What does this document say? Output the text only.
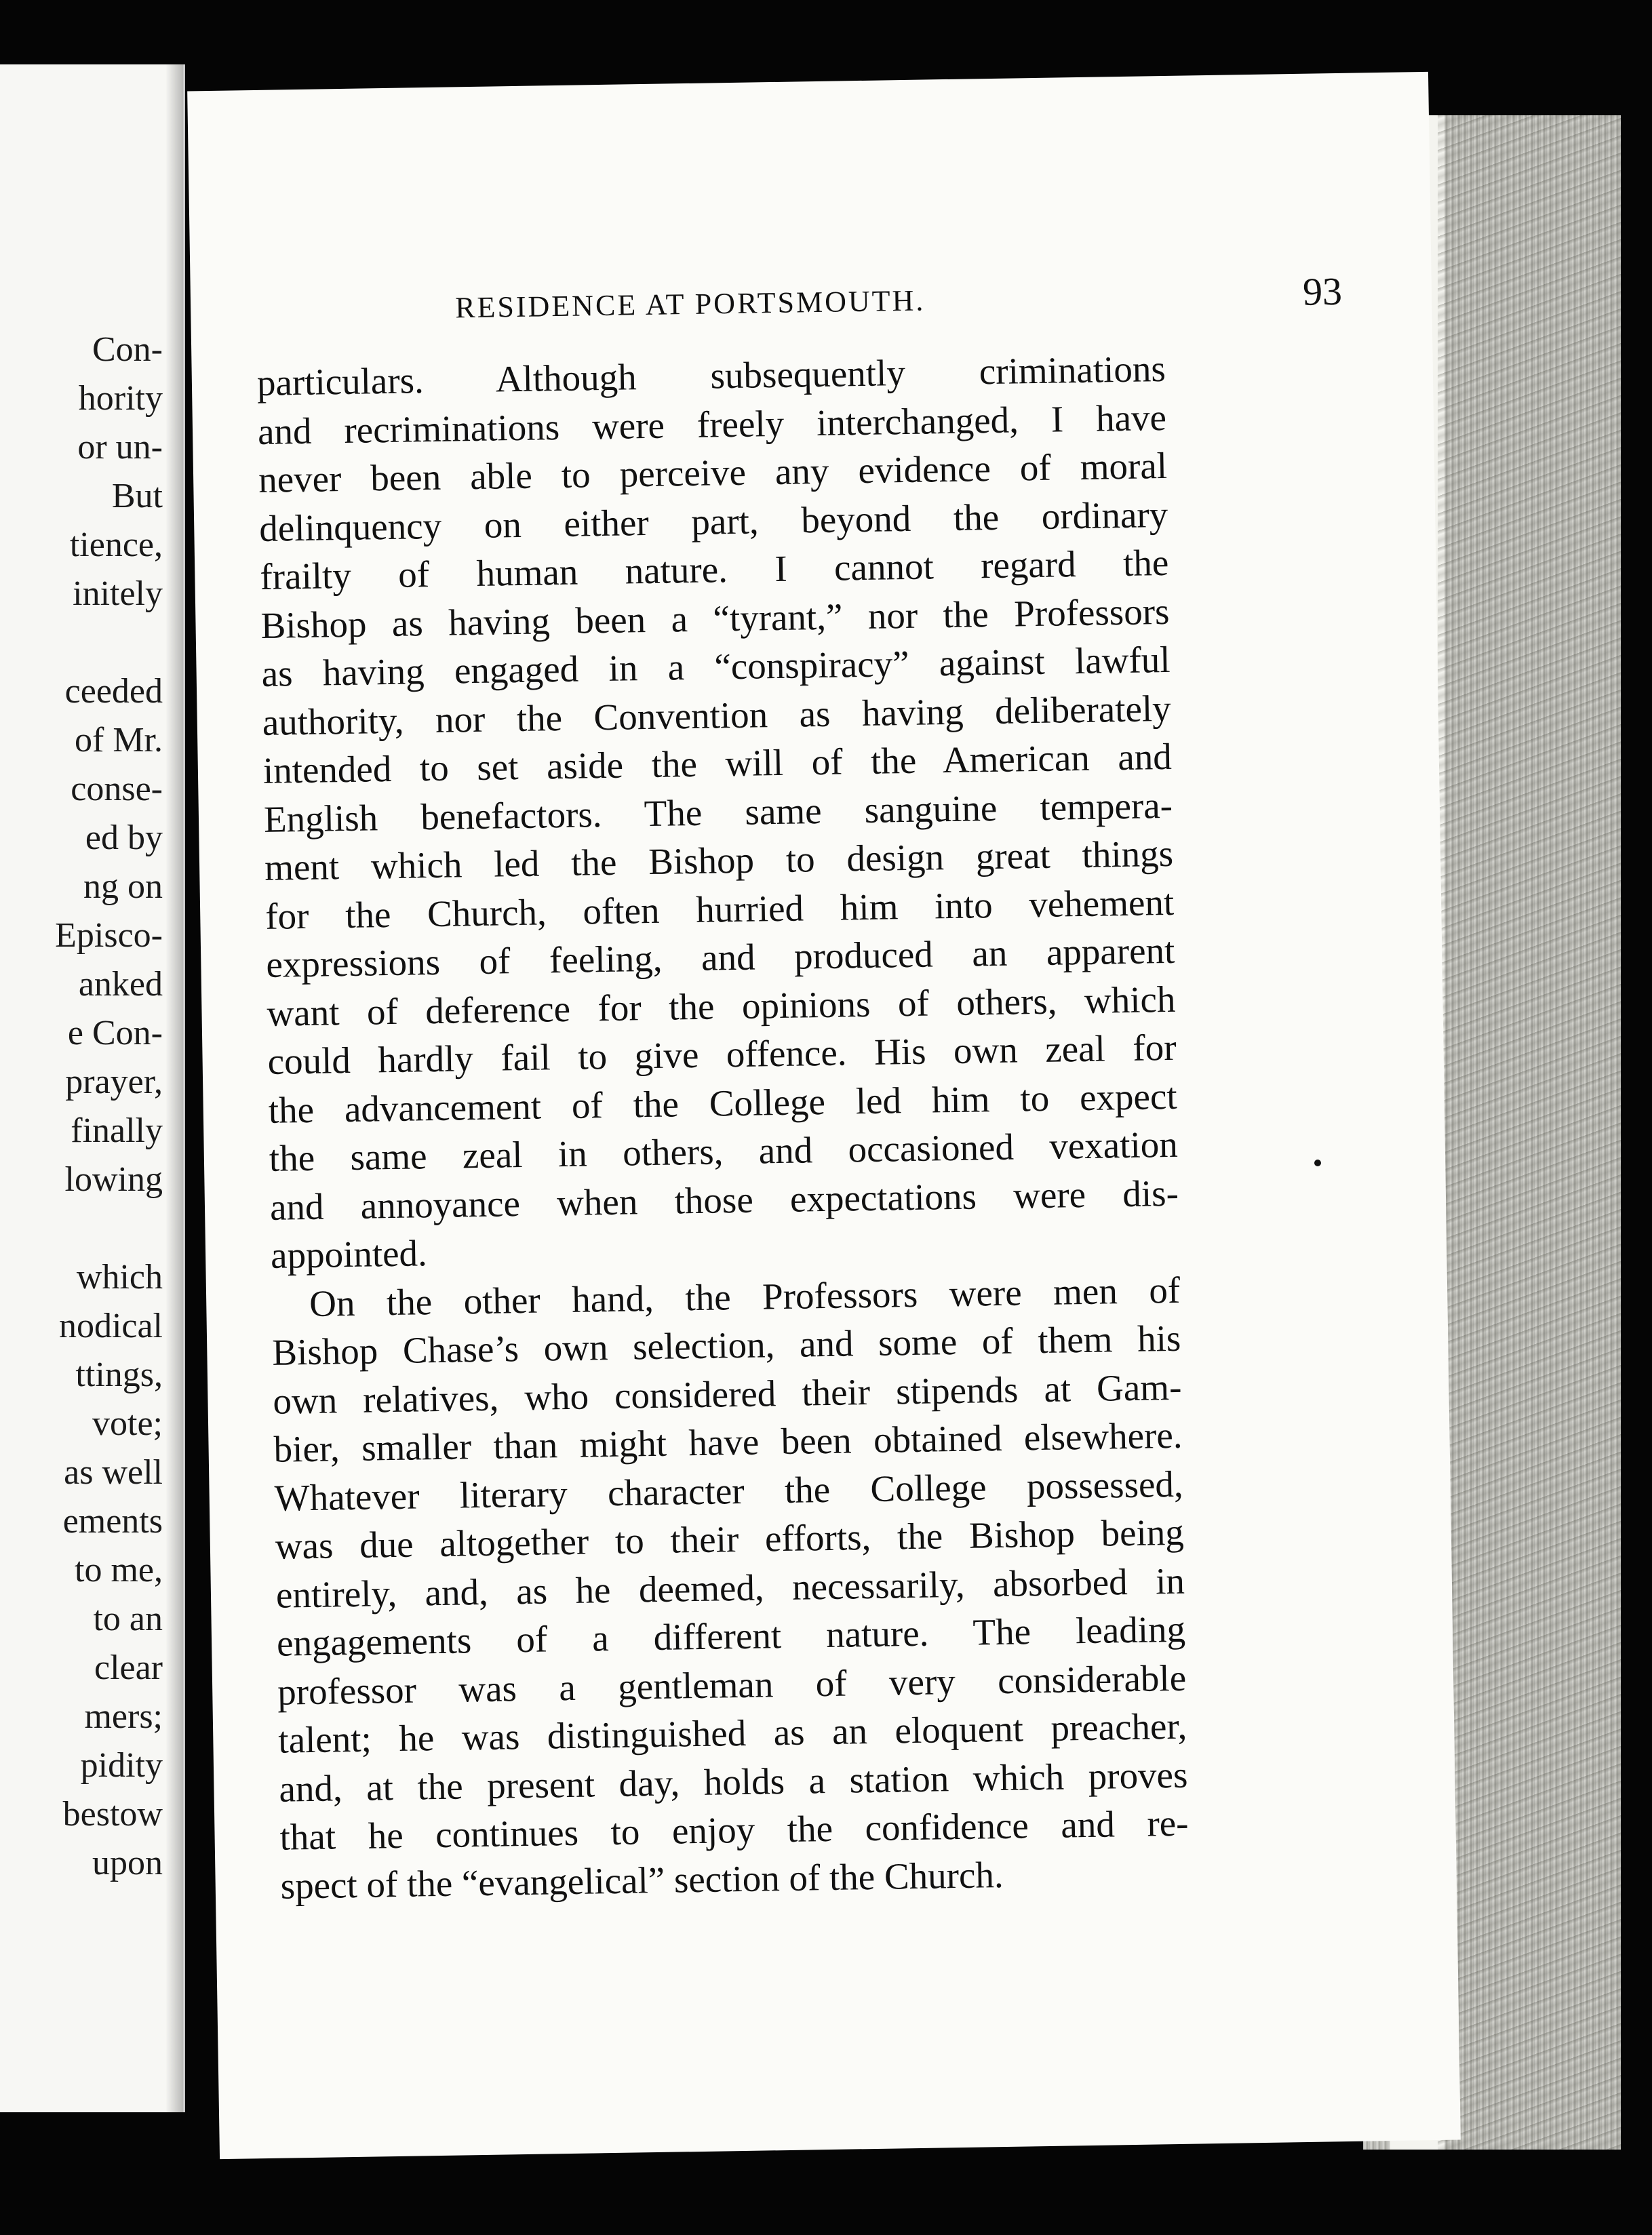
Con-
hority
or un-
But
tience,
initely
ceeded
of Mr.
conse-
ed by
ng on
Episco-
anked
e Con-
prayer,
finally
lowing
which
nodical
ttings,
vote;
as well
ements
to me,
to an
clear
mers;
pidity
bestow
upon
RESIDENCE AT PORTSMOUTH.	93
particulars. Although subsequently criminations
and recriminations were freely interchanged, I have
never been able to perceive any evidence of moral
delinquency on either part, beyond the ordinary
frailty of human nature. I cannot regard the
Bishop as having been a “tyrant,” nor the Professors
as having engaged in a “conspiracy” against lawful
authority, nor the Convention as having deliberately
intended to set aside the will of the American and
English benefactors. The same sanguine tempera-
ment which led the Bishop to design great things
for the Church, often hurried him into vehement
expressions of feeling, and produced an apparent
want of deference for the opinions of others, which
could hardly fail to give offence. His own zeal for
the advancement of the College led him to expect
the same zeal in others, and occasioned vexation
and annoyance when those expectations were dis-
appointed.
On the other hand, the Professors were men of
Bishop Chase’s own selection, and some of them his
own relatives, who considered their stipends at Gam-
bier, smaller than might have been obtained elsewhere.
Whatever literary character the College possessed,
was due altogether to their efforts, the Bishop being
entirely, and, as he deemed, necessarily, absorbed in
engagements of a different nature. The leading
professor was a gentleman of very considerable
talent; he was distinguished as an eloquent preacher,
and, at the present day, holds a station which proves
that he continues to enjoy the confidence and re-
spect of the “evangelical” section of the Church.
